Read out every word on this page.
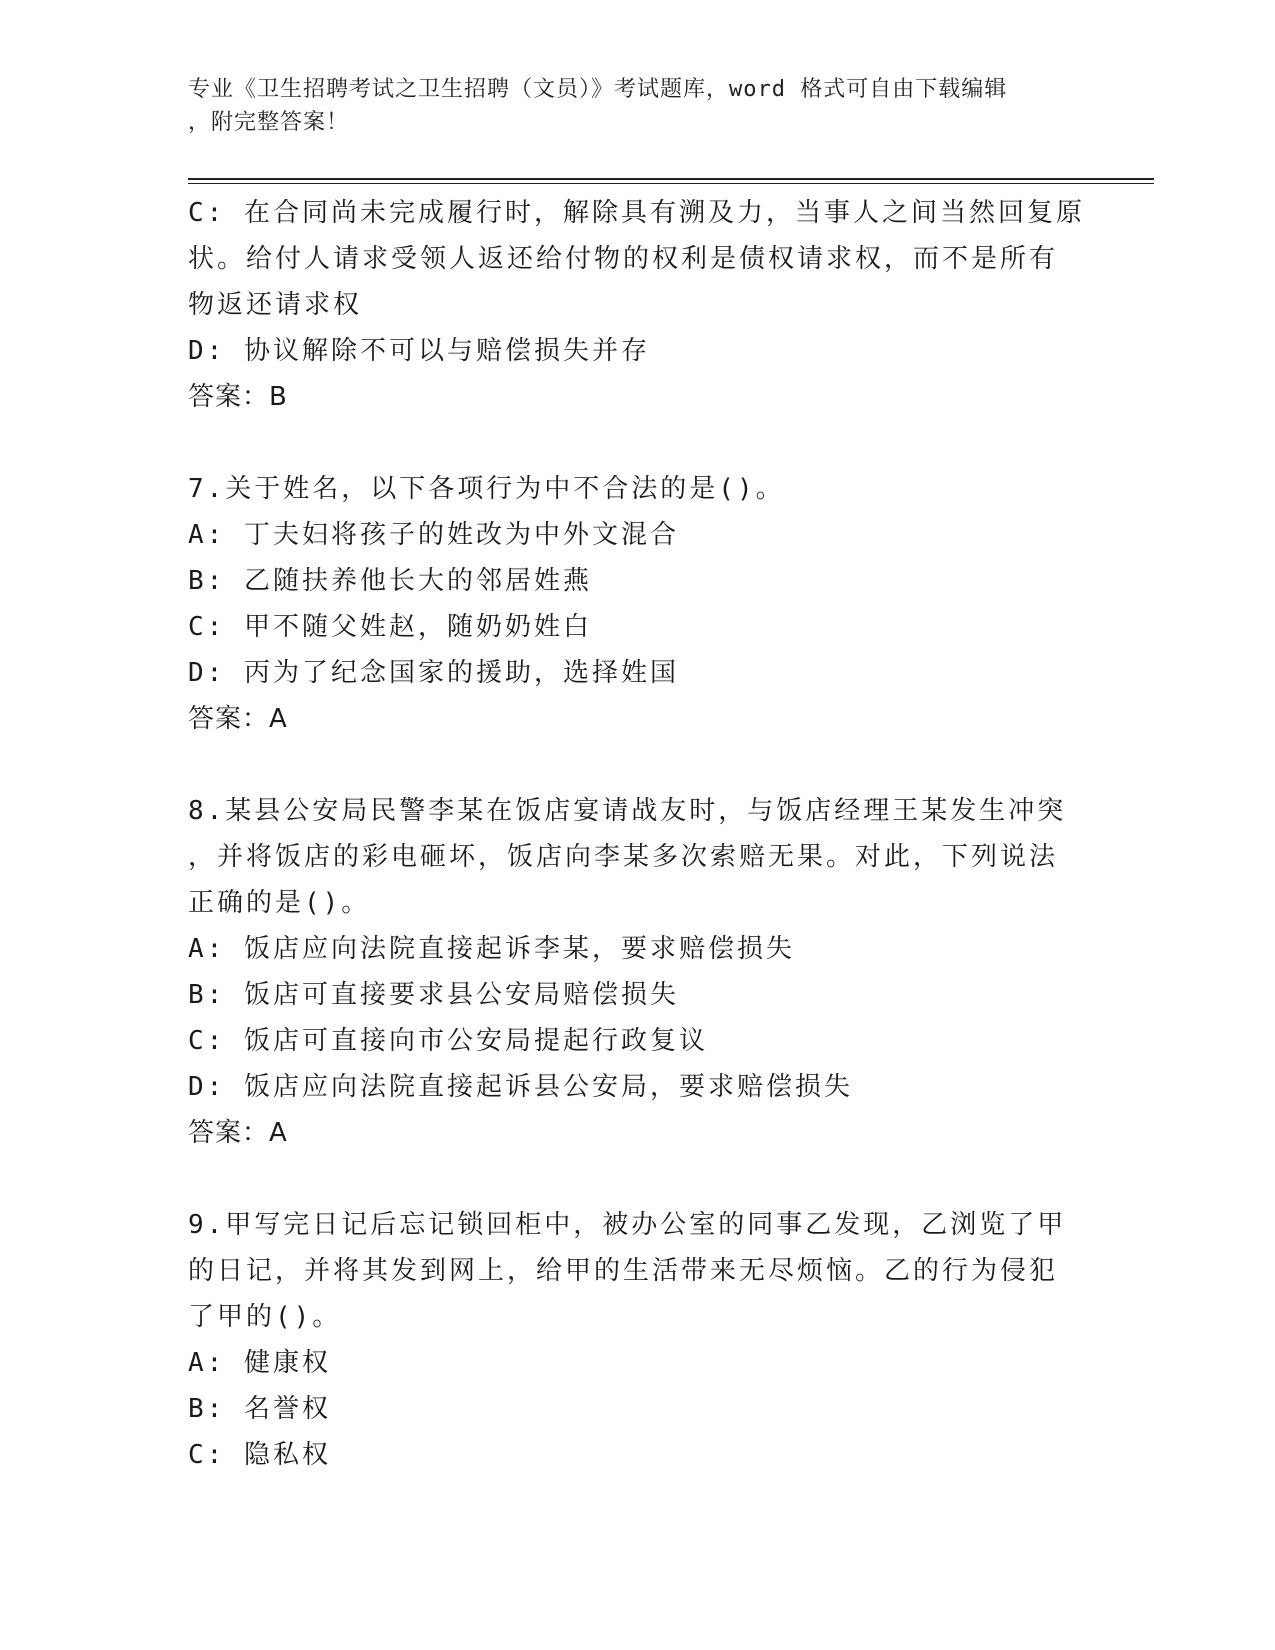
专业《卫生招聘考试之卫生招聘（文员）》考试题库，word 格式可自由下载编辑
，附完整答案！
C: 在合同尚未完成履行时，解除具有溯及力，当事人之间当然回复原
状。给付人请求受领人返还给付物的权利是债权请求权，而不是所有
物返还请求权
D: 协议解除不可以与赔偿损失并存
答案：B
7.关于姓名，以下各项行为中不合法的是()。
A: 丁夫妇将孩子的姓改为中外文混合
B: 乙随扶养他长大的邻居姓燕
C: 甲不随父姓赵，随奶奶姓白
D: 丙为了纪念国家的援助，选择姓国
答案：A
8.某县公安局民警李某在饭店宴请战友时，与饭店经理王某发生冲突
，并将饭店的彩电砸坏，饭店向李某多次索赔无果。对此，下列说法
正确的是()。
A: 饭店应向法院直接起诉李某，要求赔偿损失
B: 饭店可直接要求县公安局赔偿损失
C: 饭店可直接向市公安局提起行政复议
D: 饭店应向法院直接起诉县公安局，要求赔偿损失
答案：A
9.甲写完日记后忘记锁回柜中，被办公室的同事乙发现，乙浏览了甲
的日记，并将其发到网上，给甲的生活带来无尽烦恼。乙的行为侵犯
了甲的()。
A: 健康权
B: 名誉权
C: 隐私权
